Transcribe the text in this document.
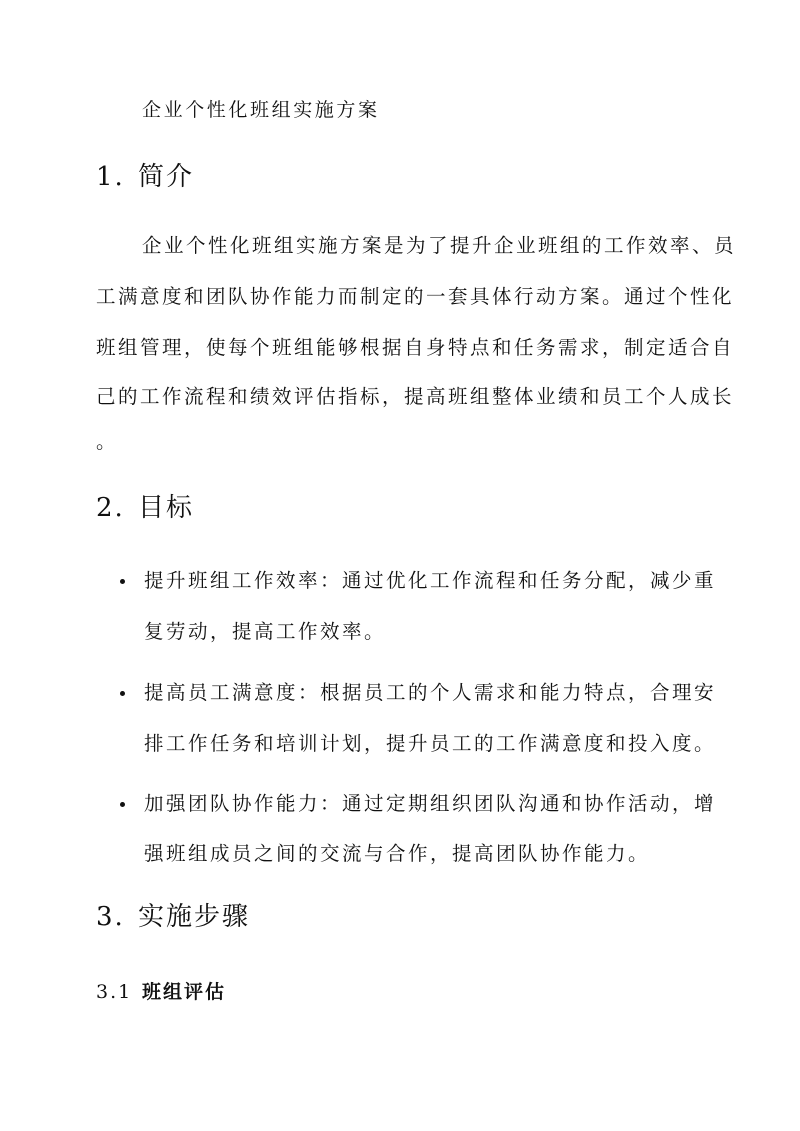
企业个性化班组实施方案
1. 简介
企业个性化班组实施方案是为了提升企业班组的工作效率、员
工满意度和团队协作能力而制定的一套具体行动方案。通过个性化
班组管理，使每个班组能够根据自身特点和任务需求，制定适合自
己的工作流程和绩效评估指标，提高班组整体业绩和员工个人成长
。
2. 目标
提升班组工作效率：通过优化工作流程和任务分配，减少重
复劳动，提高工作效率。
提高员工满意度：根据员工的个人需求和能力特点，合理安
排工作任务和培训计划，提升员工的工作满意度和投入度。
加强团队协作能力：通过定期组织团队沟通和协作活动，增
强班组成员之间的交流与合作，提高团队协作能力。
3. 实施步骤
3.1 班组评估
